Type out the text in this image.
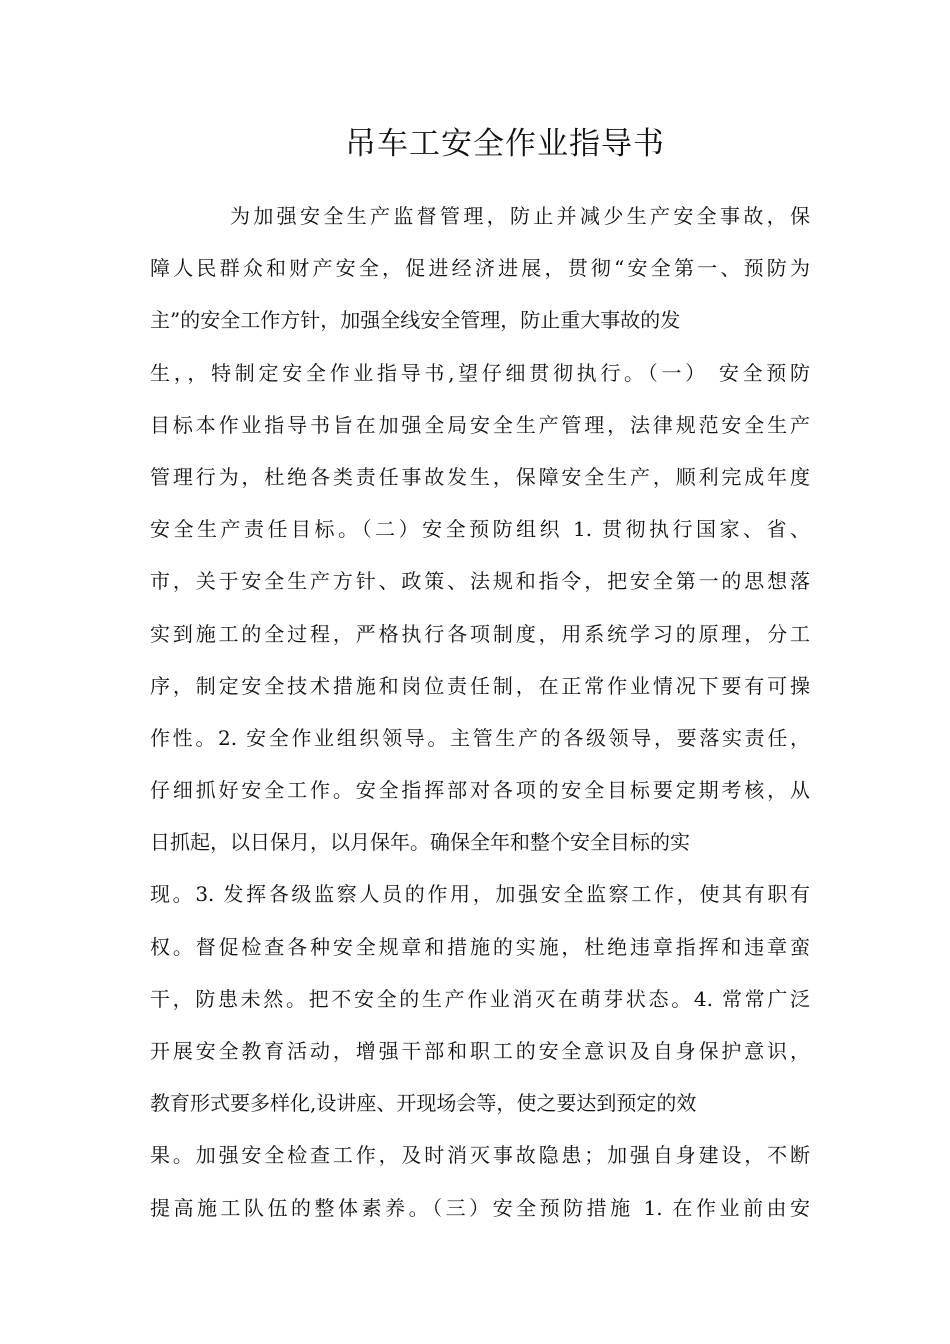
吊车工安全作业指导书
为加强安全生产监督管理，防止并减少生产安全事故，保
障人民群众和财产安全，促进经济进展，贯彻“安全第一、预防为
主”的安全工作方针，加强全线安全管理，防止重大事故的发
生，，特制定安全作业指导书,望仔细贯彻执行。（一） 安全预防
目标本作业指导书旨在加强全局安全生产管理，法律规范安全生产
管理行为，杜绝各类责任事故发生，保障安全生产，顺利完成年度
安全生产责任目标。（二）安全预防组织 1. 贯彻执行国家、省、
市，关于安全生产方针、政策、法规和指令，把安全第一的思想落
实到施工的全过程，严格执行各项制度，用系统学习的原理，分工
序，制定安全技术措施和岗位责任制，在正常作业情况下要有可操
作性。2. 安全作业组织领导。主管生产的各级领导，要落实责任，
仔细抓好安全工作。安全指挥部对各项的安全目标要定期考核，从
日抓起，以日保月，以月保年。确保全年和整个安全目标的实
现。3. 发挥各级监察人员的作用，加强安全监察工作，使其有职有
权。督促检查各种安全规章和措施的实施，杜绝违章指挥和违章蛮
干，防患未然。把不安全的生产作业消灭在萌芽状态。4. 常常广泛
开展安全教育活动，增强干部和职工的安全意识及自身保护意识，
教育形式要多样化,设讲座、开现场会等，使之要达到预定的效
果。加强安全检查工作，及时消灭事故隐患；加强自身建设，不断
提高施工队伍的整体素养。（三）安全预防措施 1. 在作业前由安
